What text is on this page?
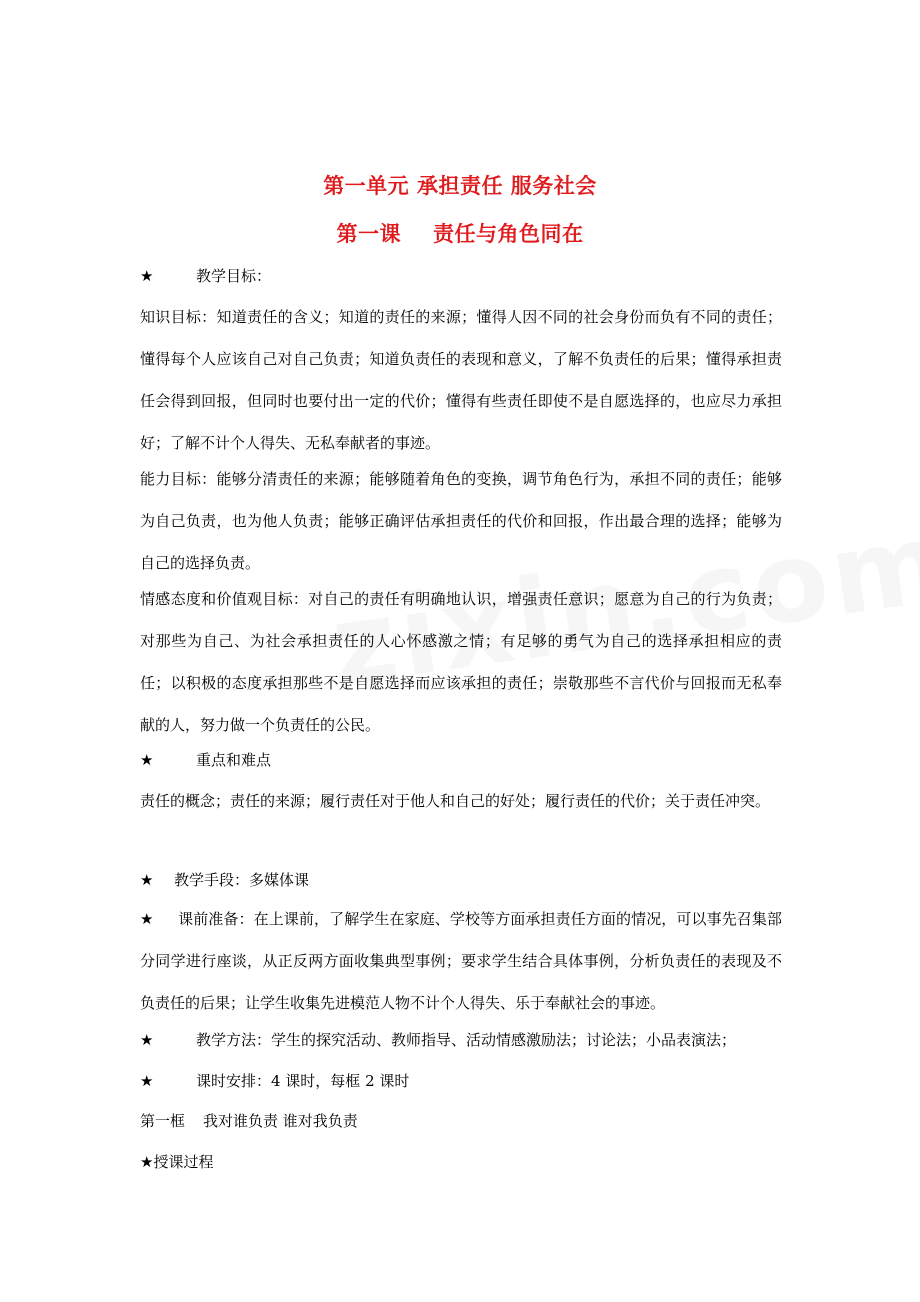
第一单元 承担责任 服务社会
第一课 责任与角色同在
★	教学目标：
知识目标：知道责任的含义；知道的责任的来源；懂得人因不同的社会身份而负有不同的责任；懂得每个人应该自己对自己负责；知道负责任的表现和意义，了解不负责任的后果；懂得承担责任会得到回报，但同时也要付出一定的代价；懂得有些责任即使不是自愿选择的，也应尽力承担好；了解不计个人得失、无私奉献者的事迹。
能力目标：能够分清责任的来源；能够随着角色的变换，调节角色行为，承担不同的责任；能够为自己负责，也为他人负责；能够正确评估承担责任的代价和回报，作出最合理的选择；能够为自己的选择负责。
情感态度和价值观目标：对自己的责任有明确地认识，增强责任意识；愿意为自己的行为负责；对那些为自己、为社会承担责任的人心怀感激之情；有足够的勇气为自己的选择承担相应的责任；以积极的态度承担那些不是自愿选择而应该承担的责任；崇敬那些不言代价与回报而无私奉献的人，努力做一个负责任的公民。
★	重点和难点
责任的概念；责任的来源；履行责任对于他人和自己的好处；履行责任的代价；关于责任冲突。
★ 教学手段：多媒体课
★ 课前准备：在上课前，了解学生在家庭、学校等方面承担责任方面的情况，可以事先召集部分同学进行座谈，从正反两方面收集典型事例；要求学生结合具体事例，分析负责任的表现及不负责任的后果；让学生收集先进模范人物不计个人得失、乐于奉献社会的事迹。
★	教学方法：学生的探究活动、教师指导、活动情感激励法；讨论法；小品表演法；
★	课时安排：4 课时，每框 2 课时
第一框 我对谁负责 谁对我负责
★授课过程
